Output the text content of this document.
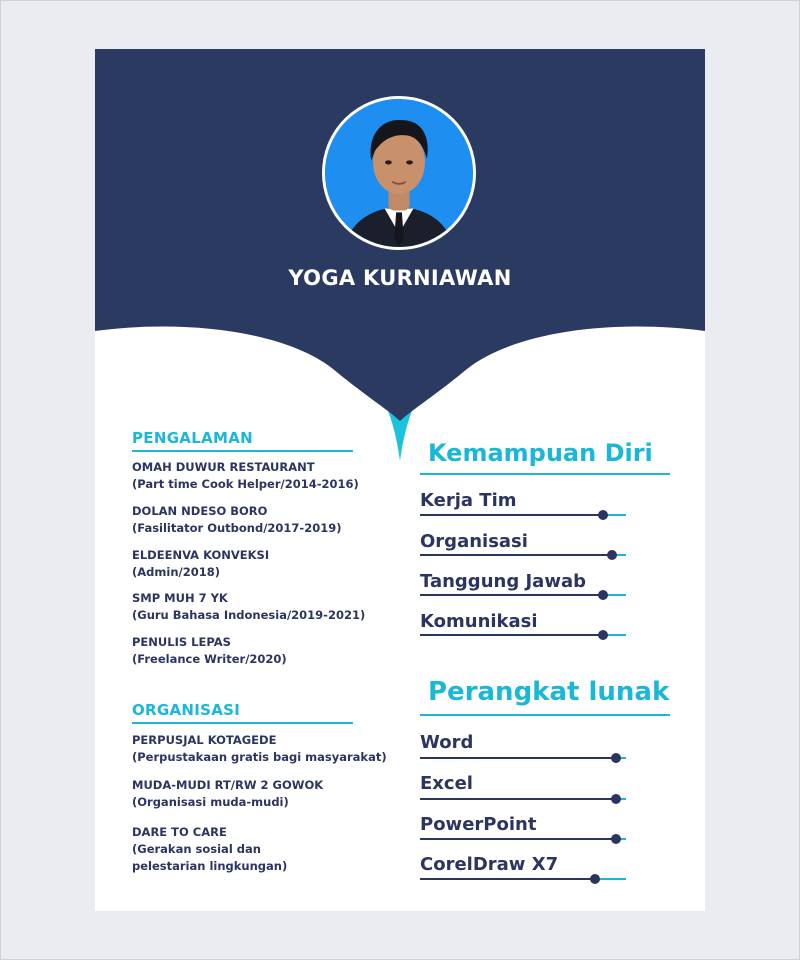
YOGA KURNIAWAN
PENGALAMAN
OMAH DUWUR RESTAURANT
(Part time Cook Helper/2014-2016)
DOLAN NDESO BORO
(Fasilitator Outbond/2017-2019)
ELDEENVA KONVEKSI
(Admin/2018)
SMP MUH 7 YK
(Guru Bahasa Indonesia/2019-2021)
PENULIS LEPAS
(Freelance Writer/2020)
ORGANISASI
PERPUSJAL KOTAGEDE
(Perpustakaan gratis bagi masyarakat)
MUDA-MUDI RT/RW 2 GOWOK
(Organisasi muda-mudi)
DARE TO CARE
(Gerakan sosial dan
pelestarian lingkungan)
Kemampuan Diri
Kerja Tim
Organisasi
Tanggung Jawab
Komunikasi
Perangkat lunak
Word
Excel
PowerPoint
CorelDraw X7
